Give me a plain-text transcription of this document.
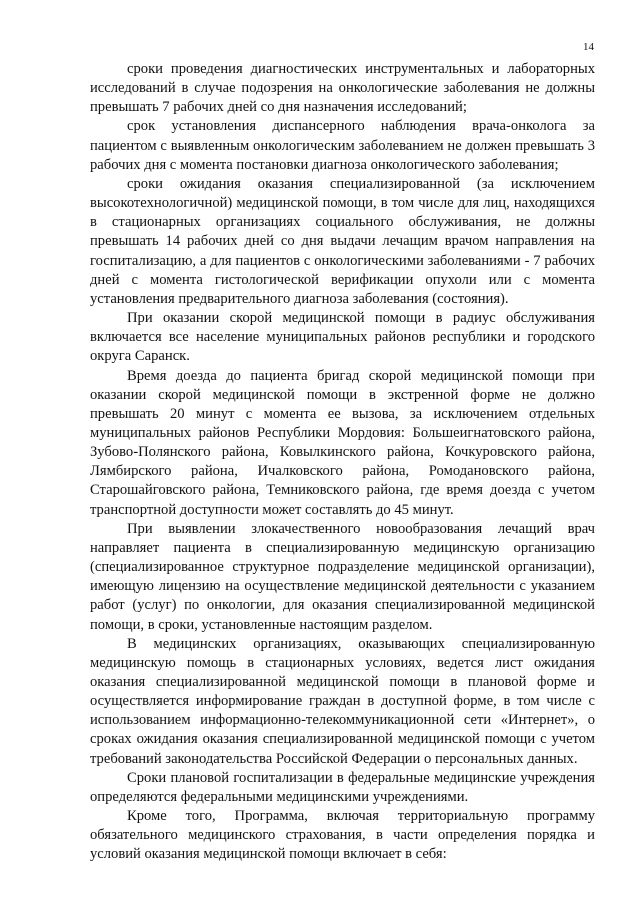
14

сроки проведения диагностических инструментальных и лабораторных исследований в случае подозрения на онкологические заболевания не должны превышать 7 рабочих дней со дня назначения исследований;

срок установления диспансерного наблюдения врача-онколога за пациентом с выявленным онкологическим заболеванием не должен превышать 3 рабочих дня с момента постановки диагноза онкологического заболевания;

сроки ожидания оказания специализированной (за исключением высокотехнологичной) медицинской помощи, в том числе для лиц, находящихся в стационарных организациях социального обслуживания, не должны превышать 14 рабочих дней со дня выдачи лечащим врачом направления на госпитализацию, а для пациентов с онкологическими заболеваниями - 7 рабочих дней с момента гистологической верификации опухоли или с момента установления предварительного диагноза заболевания (состояния).

При оказании скорой медицинской помощи в радиус обслуживания включается все население муниципальных районов республики и городского округа Саранск.

Время доезда до пациента бригад скорой медицинской помощи при оказании скорой медицинской помощи в экстренной форме не должно превышать 20 минут с момента ее вызова, за исключением отдельных муниципальных районов Республики Мордовия: Большеигнатовского района, Зубово-Полянского района, Ковылкинского района, Кочкуровского района, Лямбирского района, Ичалковского района, Ромодановского района, Старошайговского района, Темниковского района, где время доезда с учетом транспортной доступности может составлять до 45 минут.

При выявлении злокачественного новообразования лечащий врач направляет пациента в специализированную медицинскую организацию (специализированное структурное подразделение медицинской организации), имеющую лицензию на осуществление медицинской деятельности с указанием работ (услуг) по онкологии, для оказания специализированной медицинской помощи, в сроки, установленные настоящим разделом.

В медицинских организациях, оказывающих специализированную медицинскую помощь в стационарных условиях, ведется лист ожидания оказания специализированной медицинской помощи в плановой форме и осуществляется информирование граждан в доступной форме, в том числе с использованием информационно-телекоммуникационной сети «Интернет», о сроках ожидания оказания специализированной медицинской помощи с учетом требований законодательства Российской Федерации о персональных данных.

Сроки плановой госпитализации в федеральные медицинские учреждения определяются федеральными медицинскими учреждениями.

Кроме того, Программа, включая территориальную программу обязательного медицинского страхования, в части определения порядка и условий оказания медицинской помощи включает в себя:
